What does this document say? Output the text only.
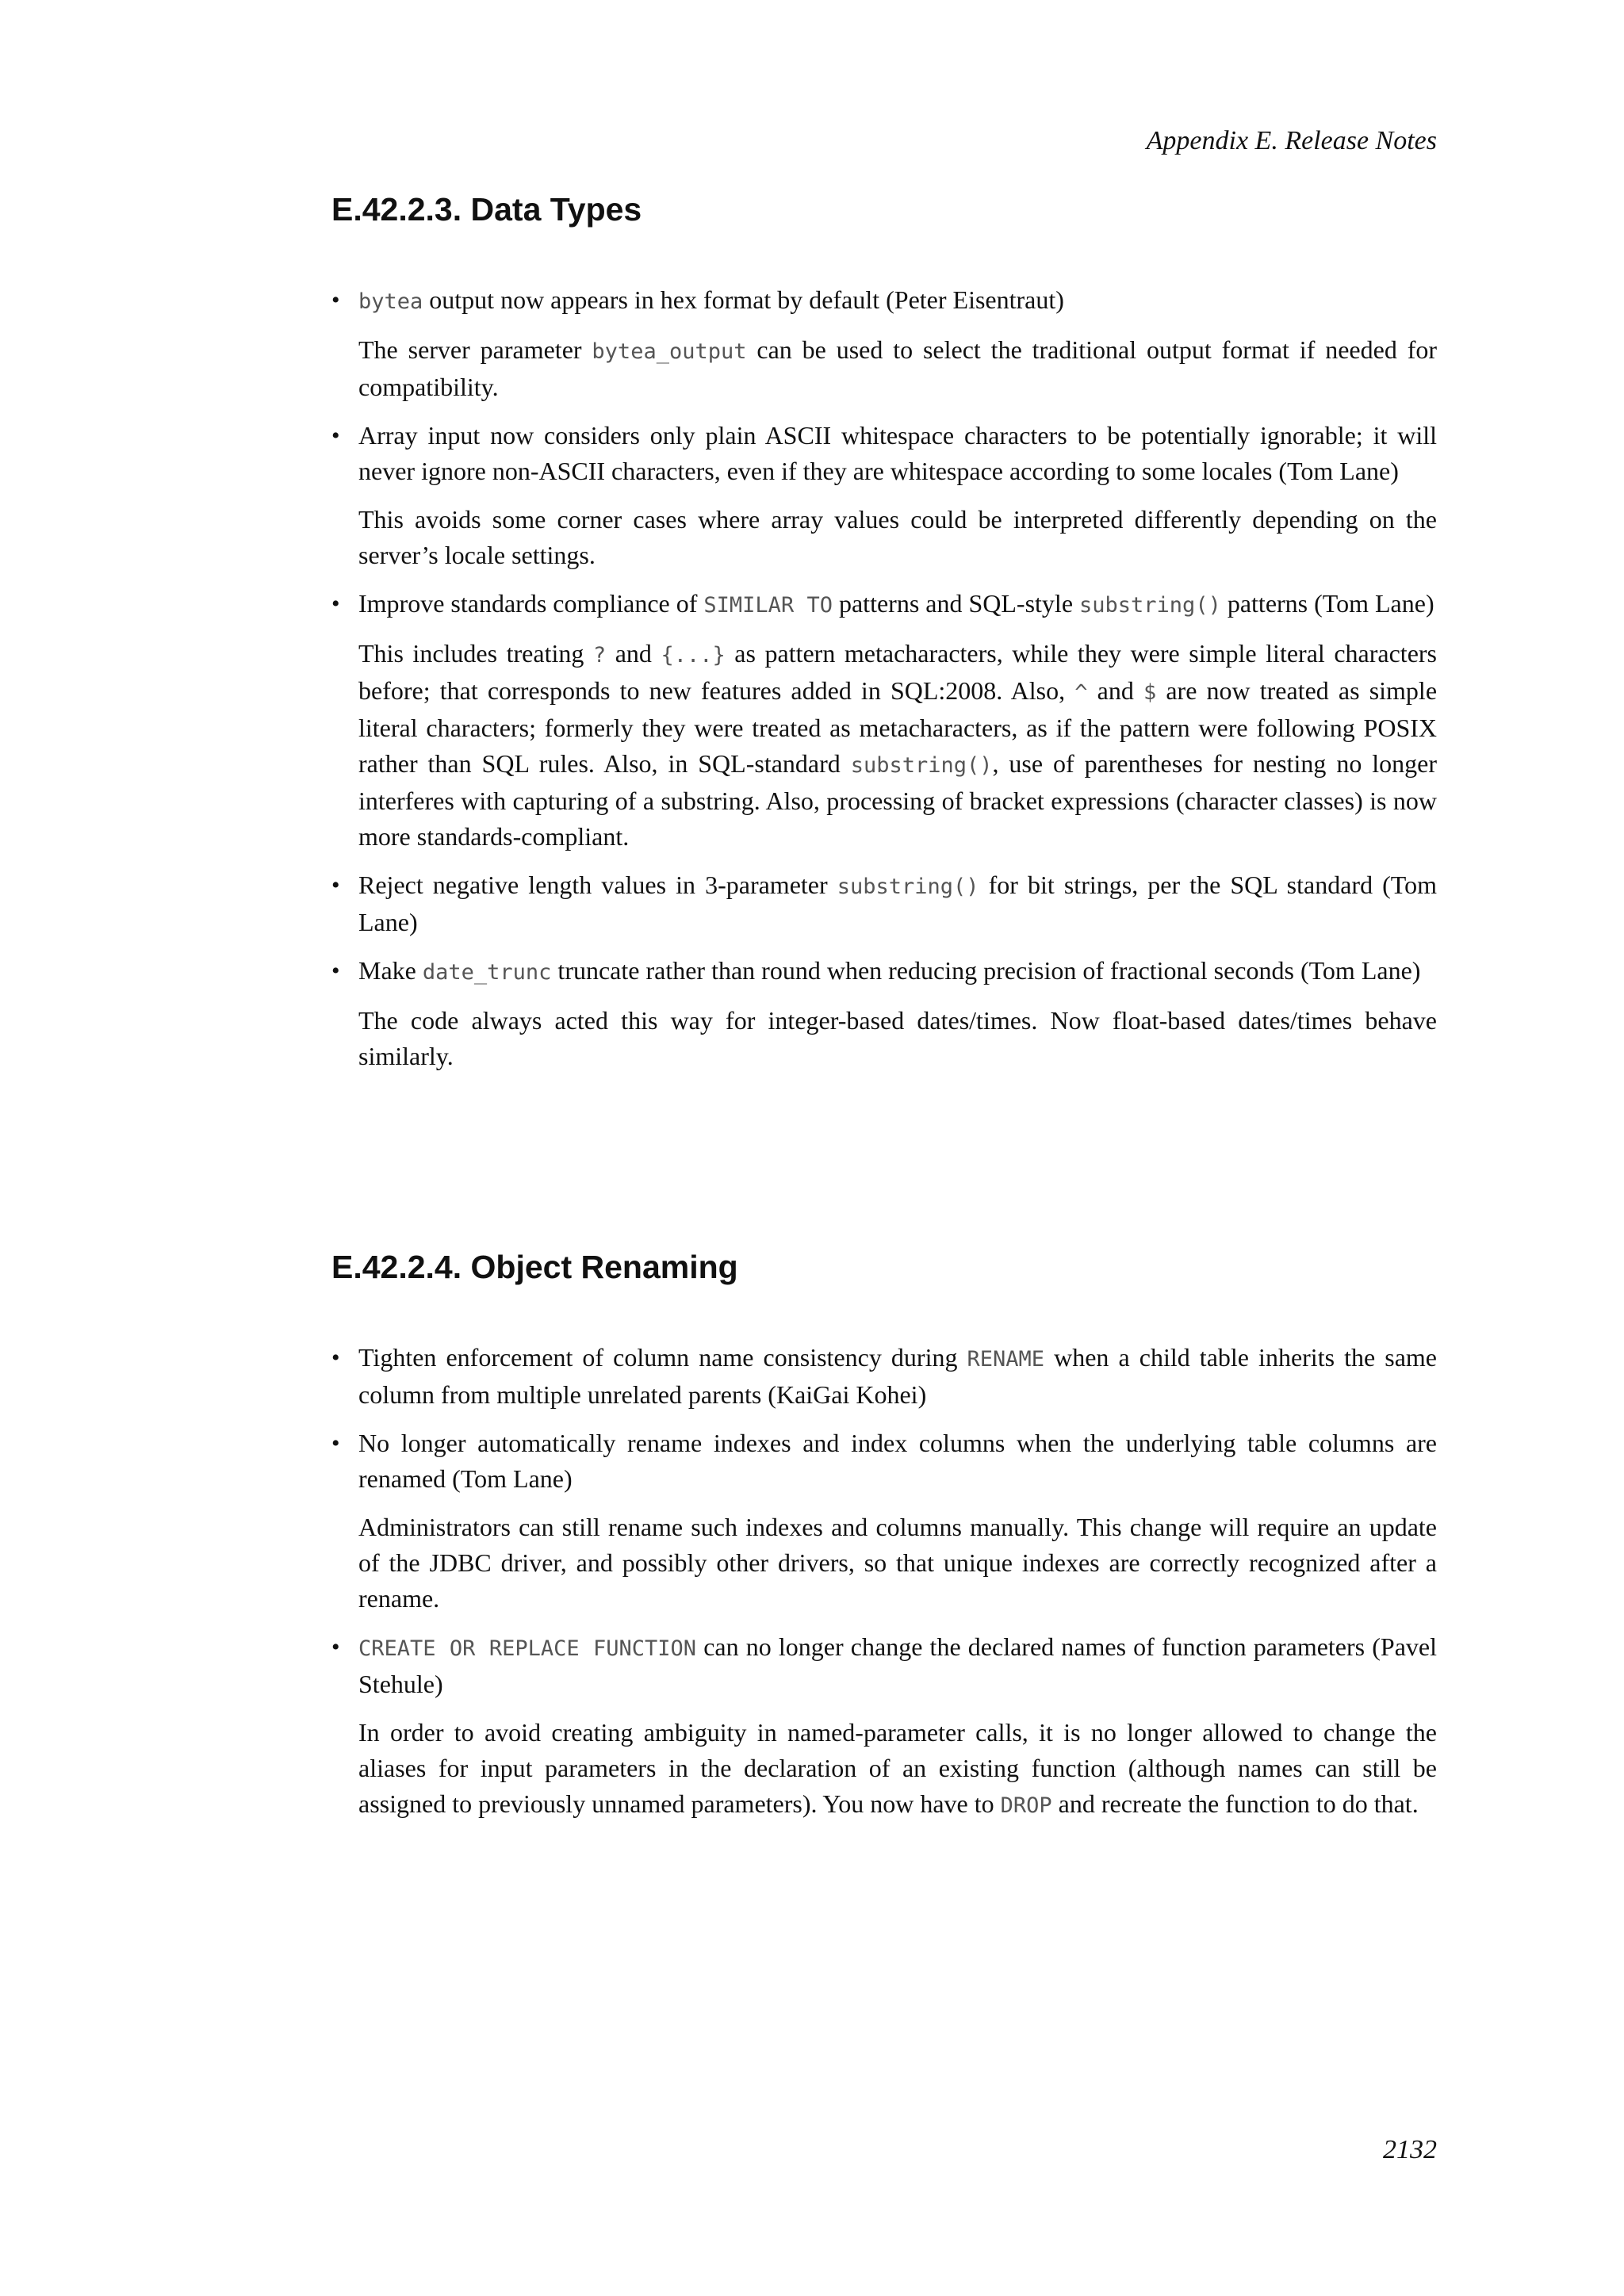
Appendix E. Release Notes
E.42.2.3. Data Types
• bytea output now appears in hex format by default (Peter Eisentraut)

The server parameter bytea_output can be used to select the traditional output format if needed for compatibility.

• Array input now considers only plain ASCII whitespace characters to be potentially ignorable; it will never ignore non-ASCII characters, even if they are whitespace according to some locales (Tom Lane)

This avoids some corner cases where array values could be interpreted differently depending on the server’s locale settings.

• Improve standards compliance of SIMILAR TO patterns and SQL-style substring() patterns (Tom Lane)

This includes treating ? and {...} as pattern metacharacters, while they were simple literal characters before; that corresponds to new features added in SQL:2008. Also, ^ and $ are now treated as simple literal characters; formerly they were treated as metacharacters, as if the pattern were following POSIX rather than SQL rules. Also, in SQL-standard substring(), use of parentheses for nesting no longer interferes with capturing of a substring. Also, processing of bracket expressions (character classes) is now more standards-compliant.

• Reject negative length values in 3-parameter substring() for bit strings, per the SQL standard (Tom Lane)

• Make date_trunc truncate rather than round when reducing precision of fractional seconds (Tom Lane)

The code always acted this way for integer-based dates/times. Now float-based dates/times behave similarly.

E.42.2.4. Object Renaming
• Tighten enforcement of column name consistency during RENAME when a child table inherits the same column from multiple unrelated parents (KaiGai Kohei)

• No longer automatically rename indexes and index columns when the underlying table columns are renamed (Tom Lane)

Administrators can still rename such indexes and columns manually. This change will require an update of the JDBC driver, and possibly other drivers, so that unique indexes are correctly recognized after a rename.

• CREATE OR REPLACE FUNCTION can no longer change the declared names of function parameters (Pavel Stehule)

In order to avoid creating ambiguity in named-parameter calls, it is no longer allowed to change the aliases for input parameters in the declaration of an existing function (although names can still be assigned to previously unnamed parameters). You now have to DROP and recreate the function to do that.

2132
